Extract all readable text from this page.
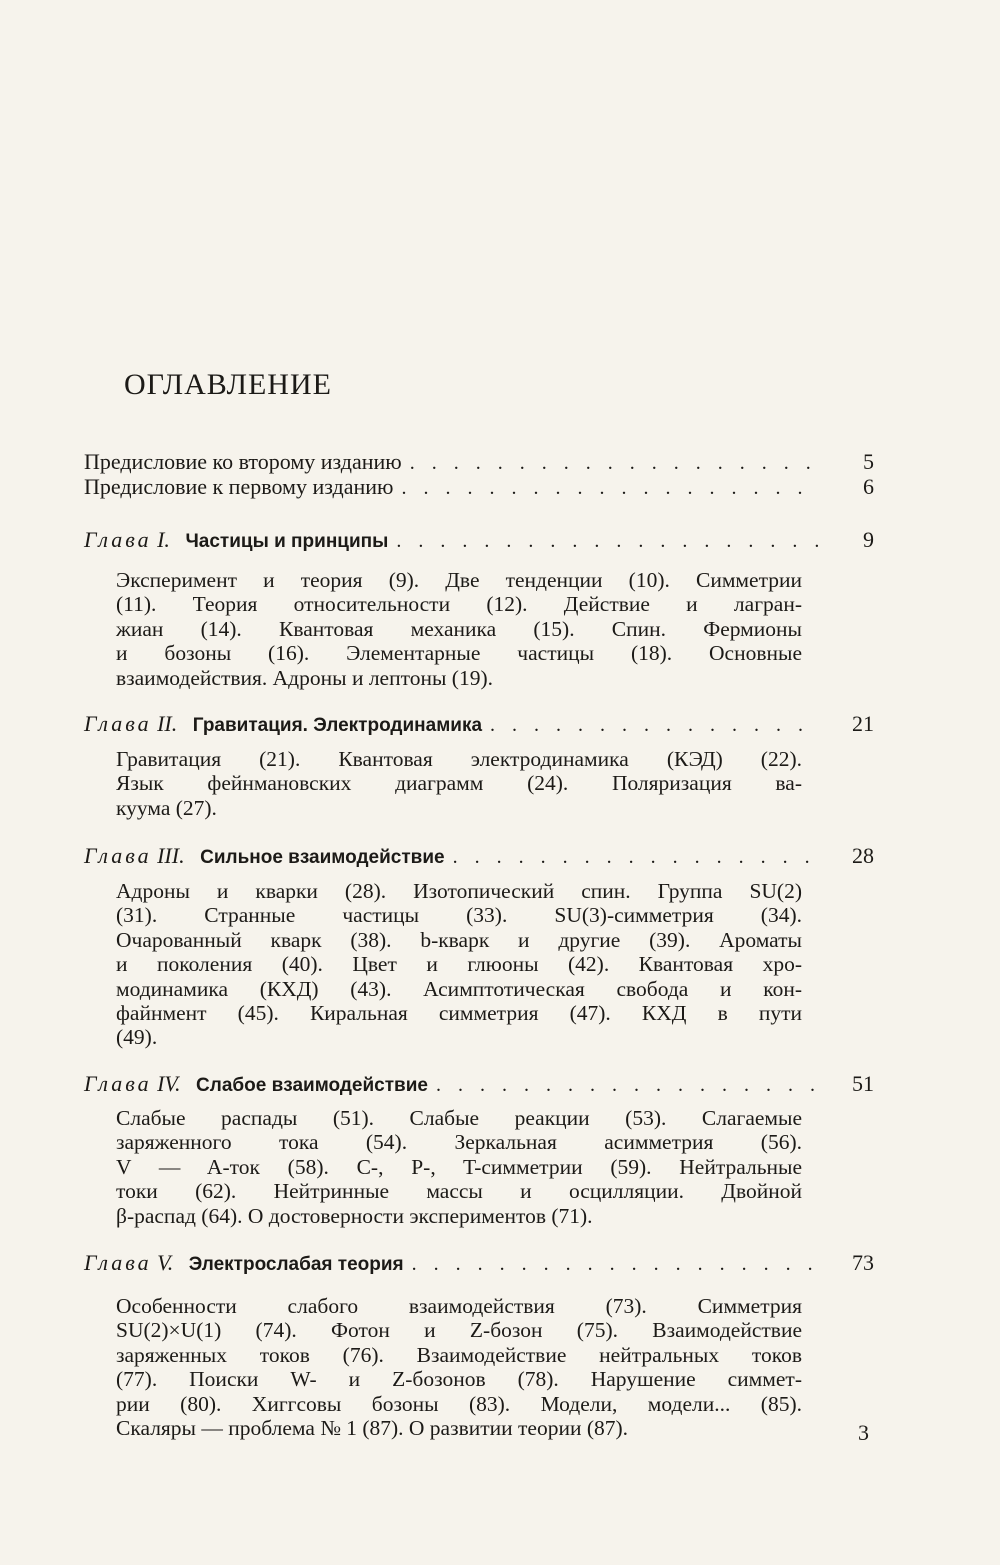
ОГЛАВЛЕНИЕ
Предисловие ко второму изданию . . .	5
Предисловие к первому изданию . . .	6
Глава I. Частицы и принципы . . .	9
Эксперимент и теория (9). Две тенденции (10). Симметрии
(11). Теория относительности (12). Действие и лагран-
жиан (14). Квантовая механика (15). Спин. Фермионы
и бозоны (16). Элементарные частицы (18). Основные
взаимодействия. Адроны и лептоны (19).
Глава II. Гравитация. Электродинамика . . .	21
Гравитация (21). Квантовая электродинамика (КЭД) (22).
Язык фейнмановских диаграмм (24). Поляризация ва-
куума (27).
Глава III. Сильное взаимодействие . . .	28
Адроны и кварки (28). Изотопический спин. Группа SU(2)
(31). Странные частицы (33). SU(3)-симметрия (34).
Очарованный кварк (38). b-кварк и другие (39). Ароматы
и поколения (40). Цвет и глюоны (42). Квантовая хро-
модинамика (КХД) (43). Асимптотическая свобода и кон-
файнмент (45). Киральная симметрия (47). КХД в пути
(49).
Глава IV. Слабое взаимодействие . . .	51
Слабые распады (51). Слабые реакции (53). Слагаемые
заряженного тока (54). Зеркальная асимметрия (56).
V — A-ток (58). C-, P-, T-симметрии (59). Нейтральные
токи (62). Нейтринные массы и осцилляции. Двойной
β-распад (64). О достоверности экспериментов (71).
Глава V. Электрослабая теория . . .	73
Особенности слабого взаимодействия (73). Симметрия
SU(2)×U(1) (74). Фотон и Z-бозон (75). Взаимодействие
заряженных токов (76). Взаимодействие нейтральных токов
(77). Поиски W- и Z-бозонов (78). Нарушение симмет-
рии (80). Хиггсовы бозоны (83). Модели, модели... (85).
Скаляры — проблема № 1 (87). О развитии теории (87).	3
